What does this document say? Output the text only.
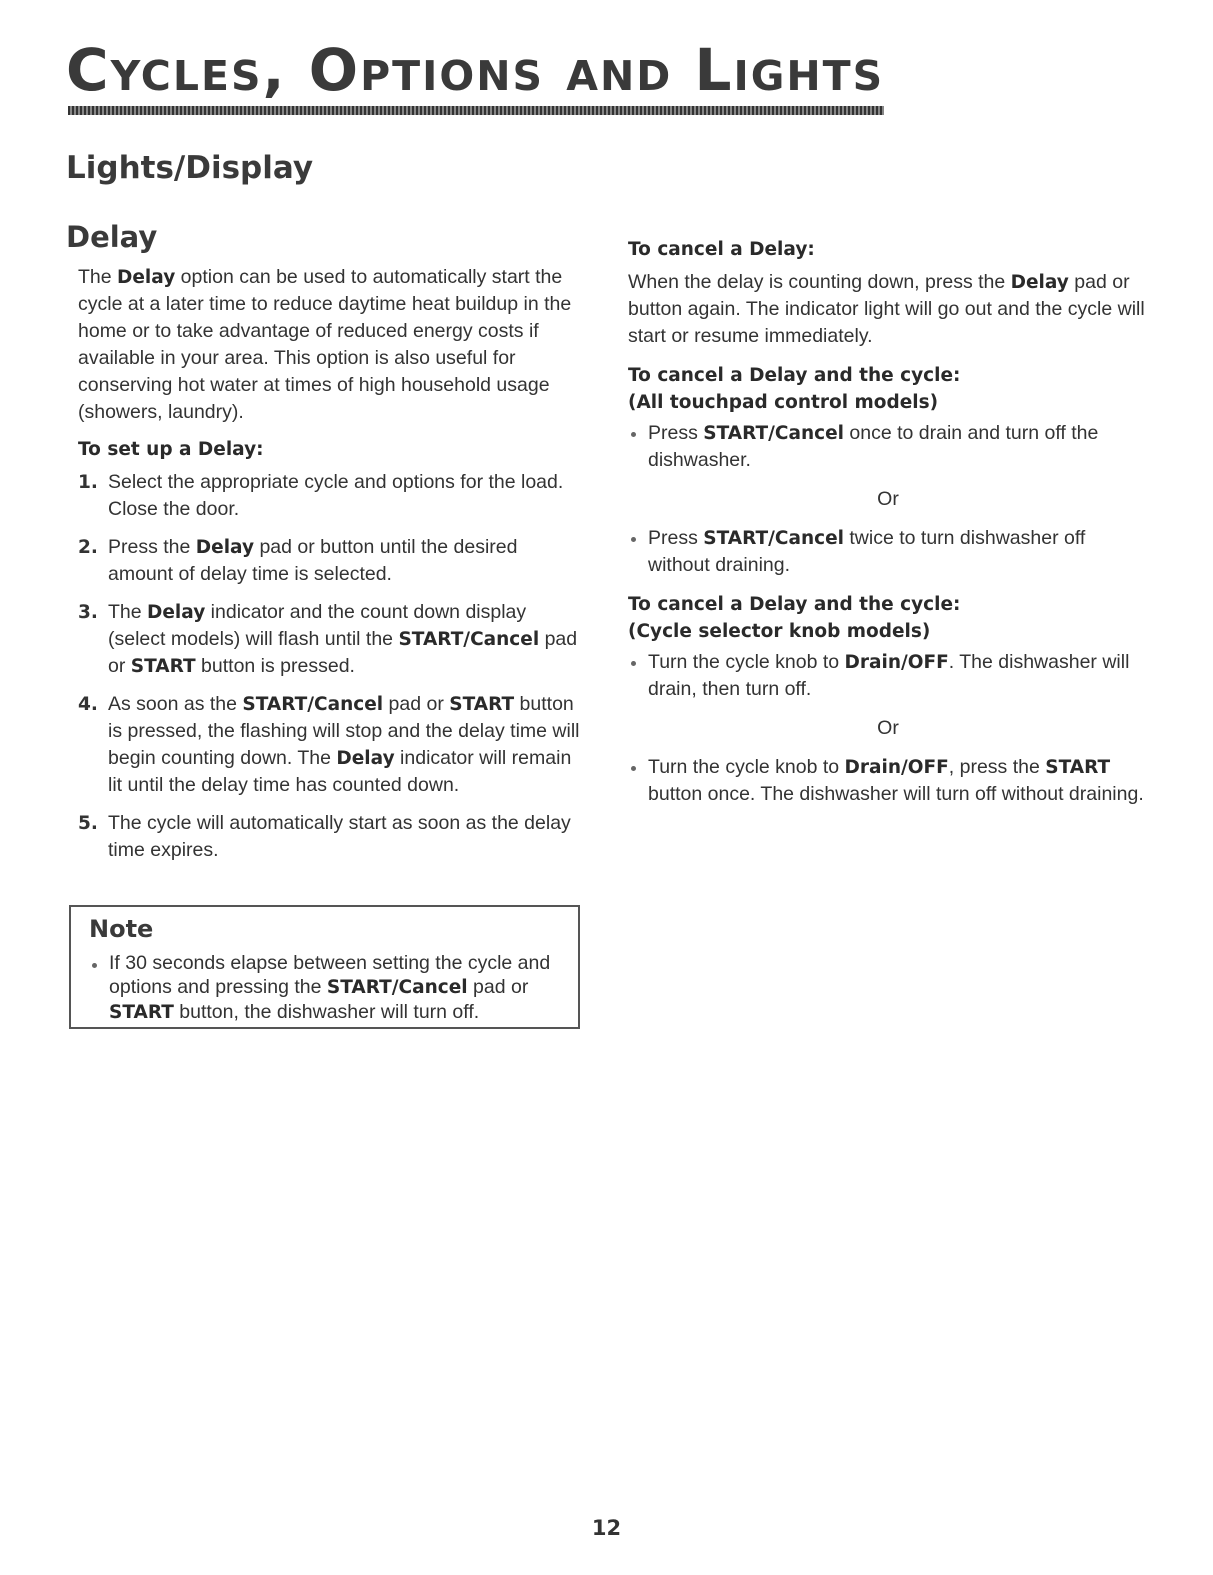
Cycles, Options and Lights
Lights/Display
Delay

The Delay option can be used to automatically start the cycle at a later time to reduce daytime heat buildup in the home or to take advantage of reduced energy costs if available in your area. This option is also useful for conserving hot water at times of high household usage (showers, laundry).

To set up a Delay:

1. Select the appropriate cycle and options for the load. Close the door.
2. Press the Delay pad or button until the desired amount of delay time is selected.
3. The Delay indicator and the count down display (select models) will flash until the START/Cancel pad or START button is pressed.
4. As soon as the START/Cancel pad or START button is pressed, the flashing will stop and the delay time will begin counting down. The Delay indicator will remain lit until the delay time has counted down.
5. The cycle will automatically start as soon as the delay time expires.

Note

If 30 seconds elapse between setting the cycle and options and pressing the START/Cancel pad or START button, the dishwasher will turn off.

To cancel a Delay:

When the delay is counting down, press the Delay pad or button again. The indicator light will go out and the cycle will start or resume immediately.

To cancel a Delay and the cycle:

(All touchpad control models)

Press START/Cancel once to drain and turn off the dishwasher.

Or

Press START/Cancel twice to turn dishwasher off without draining.

To cancel a Delay and the cycle:

(Cycle selector knob models)

Turn the cycle knob to Drain/OFF. The dishwasher will drain, then turn off.

Or

Turn the cycle knob to Drain/OFF, press the START button once. The dishwasher will turn off without draining.
12
